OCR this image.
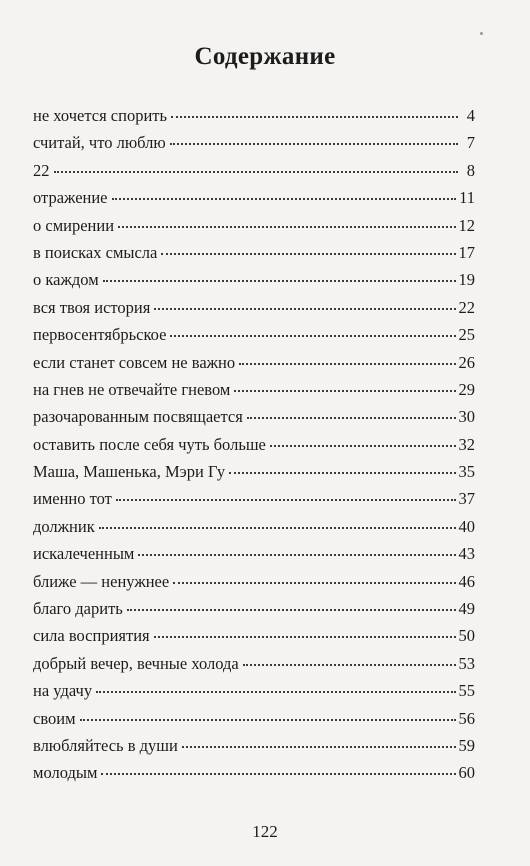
Содержание
не хочется спорить	4
считай, что люблю	7
22	8
отражение	11
о смирении	12
в поисках смысла	17
о каждом	19
вся твоя история	22
первосентябрьское	25
если станет совсем не важно	26
на гнев не отвечайте гневом	29
разочарованным посвящается	30
оставить после себя чуть больше	32
Маша, Машенька, Мэри Гу	35
именно тот	37
должник	40
искалеченным	43
ближе — ненужнее	46
благо дарить	49
сила восприятия	50
добрый вечер, вечные холода	53
на удачу	55
своим	56
влюбляйтесь в души	59
молодым	60
122
